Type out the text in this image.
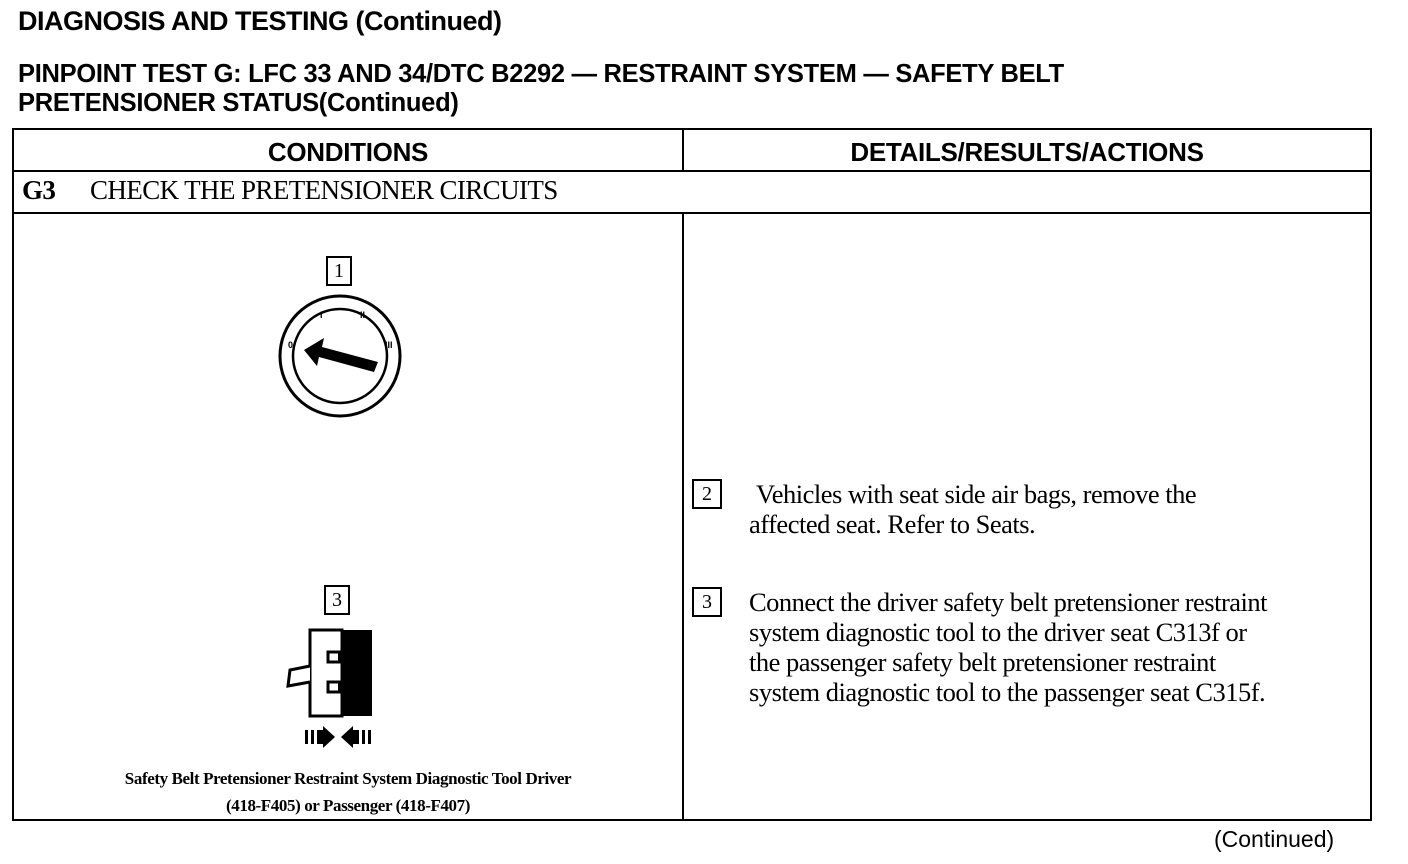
DIAGNOSIS AND TESTING (Continued)
PINPOINT TEST G: LFC 33 AND 34/DTC B2292 — RESTRAINT SYSTEM — SAFETY BELT
PRETENSIONER STATUS(Continued)
CONDITIONS	DETAILS/RESULTS/ACTIONS
G3 CHECK THE PRETENSIONER CIRCUITS
1
0
I	II
III
3
Safety Belt Pretensioner Restraint System Diagnostic Tool Driver
(418-F405) or Passenger (418-F407)
2	Vehicles with seat side air bags, remove the
affected seat. Refer to Seats.
3	Connect the driver safety belt pretensioner restraint
system diagnostic tool to the driver seat C313f or
the passenger safety belt pretensioner restraint
system diagnostic tool to the passenger seat C315f.
(Continued)
